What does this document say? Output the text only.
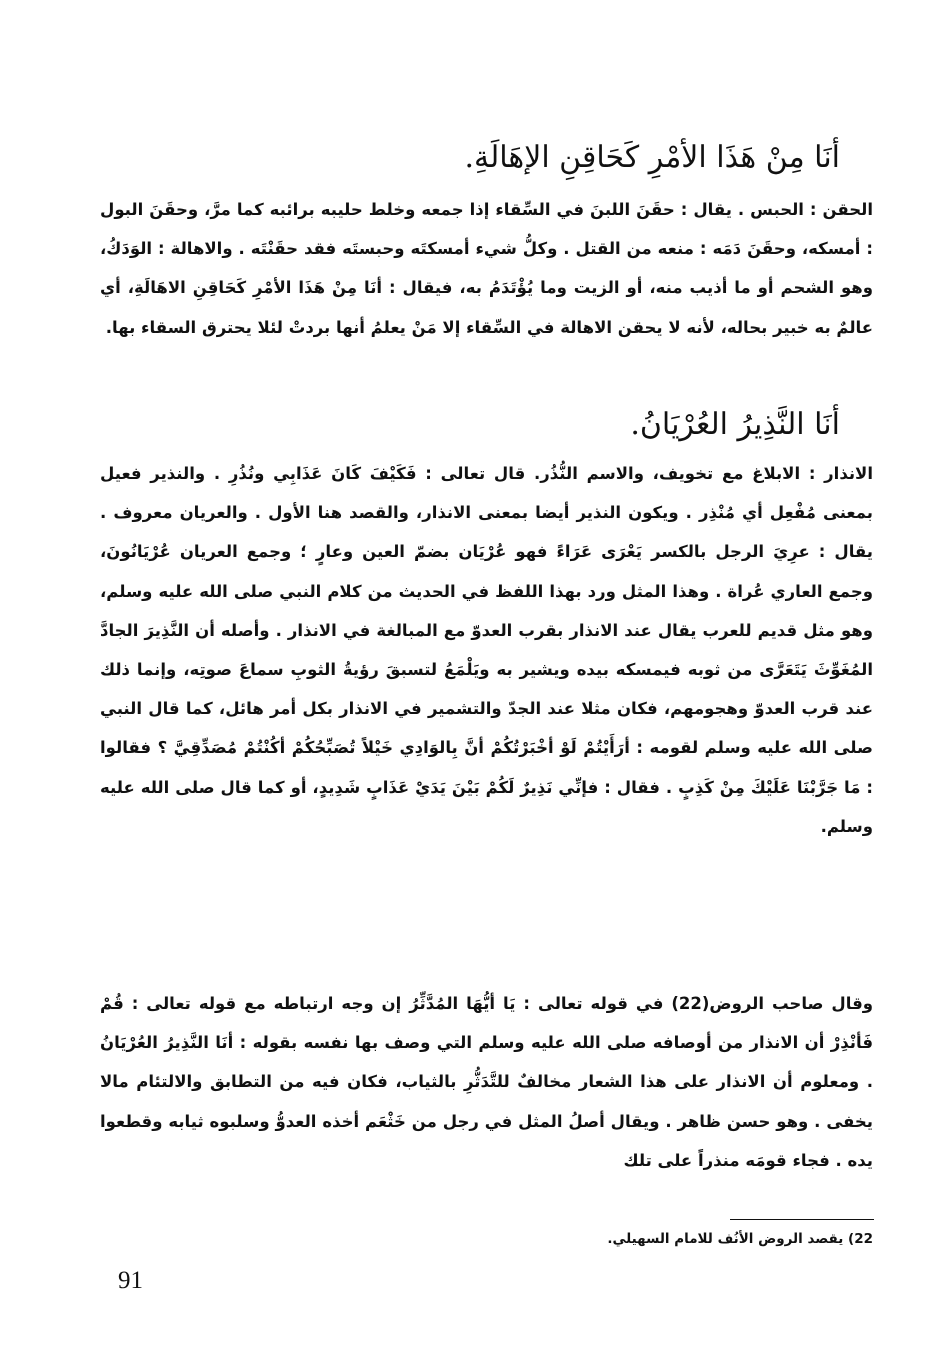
أنَا مِنْ هَذَا الأمْرِ كَحَاقِنِ الإهَالَةِ.
الحقن : الحبس . يقال : حقَنَ اللبنَ في السِّقاء إذا جمعه وخلط حليبه برائبه كما مرَّ، وحقَنَ البول : أمسكه، وحقَنَ دَمَه : منعه من القتل . وكلُّ شيء أمسكتَه وحبستَه فقد حقَنْتَه . والاهالة : الوَدَكُ، وهو الشحم أو ما أذيب منه، أو الزيت وما يُؤْتَدَمُ به، فيقال : أنَا مِنْ هَذَا الأمْرِ كَحَاقِنِ الاهَالَةِ، أي عالمٌ به خبير بحاله، لأنه لا يحقن الاهالة في السِّقاء إلا مَنْ يعلمُ أنها بردتْ لئلا يحترق السقاء بها.
أنَا النَّذِيرُ العُرْيَانُ.
الانذار : الابلاغ مع تخويف، والاسم النُّذُر. قال تعالى : فَكَيْفَ كَانَ عَذَابِي ونُذُرِ . والنذير فعيل بمعنى مُفْعِل أي مُنْذِر . ويكون النذير أيضا بمعنى الانذار، والقصد هنا الأول . والعريان معروف . يقال : عرِيَ الرجل بالكسر يَعْرَى عَرَاءً فهو عُرْيَان بضمّ العين وعارٍ ؛ وجمع العريان عُرْيَانُونَ، وجمع العاري عُراة . وهذا المثل ورد بهذا اللفظ في الحديث من كلام النبي صلى الله عليه وسلم، وهو مثل قديم للعرب يقال عند الانذار بقرب العدوّ مع المبالغة في الانذار . وأصله أن النَّذِيرَ الجادَّ المُغَوِّثَ يَتَعَرَّى من ثوبه فيمسكه بيده ويشير به ويَلْمَعُ لتسبقَ رؤيةُ الثوبِ سماعَ صوتِه، وإنما ذلك عند قرب العدوّ وهجومهم، فكان مثلا عند الجدّ والتشمير في الانذار بكل أمر هائل، كما قال النبي صلى الله عليه وسلم لقومه : أرَأَيْتُمْ لَوْ أخْبَرْتُكُمْ أنَّ بِالوَادِي خَيْلاً تُصَبِّحُكُمْ أكُنْتُمْ مُصَدِّقِيَّ ؟ فقالوا : مَا جَرَّبْنَا عَلَيْكَ مِنْ كَذِبٍ . فقال : فإنِّي نَذِيرٌ لَكُمْ بَيْنَ يَدَيْ عَذَابٍ شَدِيدٍ، أو كما قال صلى الله عليه وسلم.
وقال صاحب الروض(22) في قوله تعالى : يَا أيُّهَا المُدَّثِّرُ إن وجه ارتباطه مع قوله تعالى : قُمْ فَأنْذِرْ أن الانذار من أوصافه صلى الله عليه وسلم التي وصف بها نفسه بقوله : أنَا النَّذِيرُ العُرْيَانُ . ومعلوم أن الانذار على هذا الشعار مخالفٌ للتَّدَثُّرِ بالثياب، فكان فيه من التطابق والالتئام مالا يخفى . وهو حسن ظاهر . ويقال أصلُ المثل في رجل من خَثْعَم أخذه العدوُّ وسلبوه ثيابه وقطعوا يده . فجاء قومَه منذراً على تلك
22) يقصد الروض الأنُف للامام السهيلي.
91
